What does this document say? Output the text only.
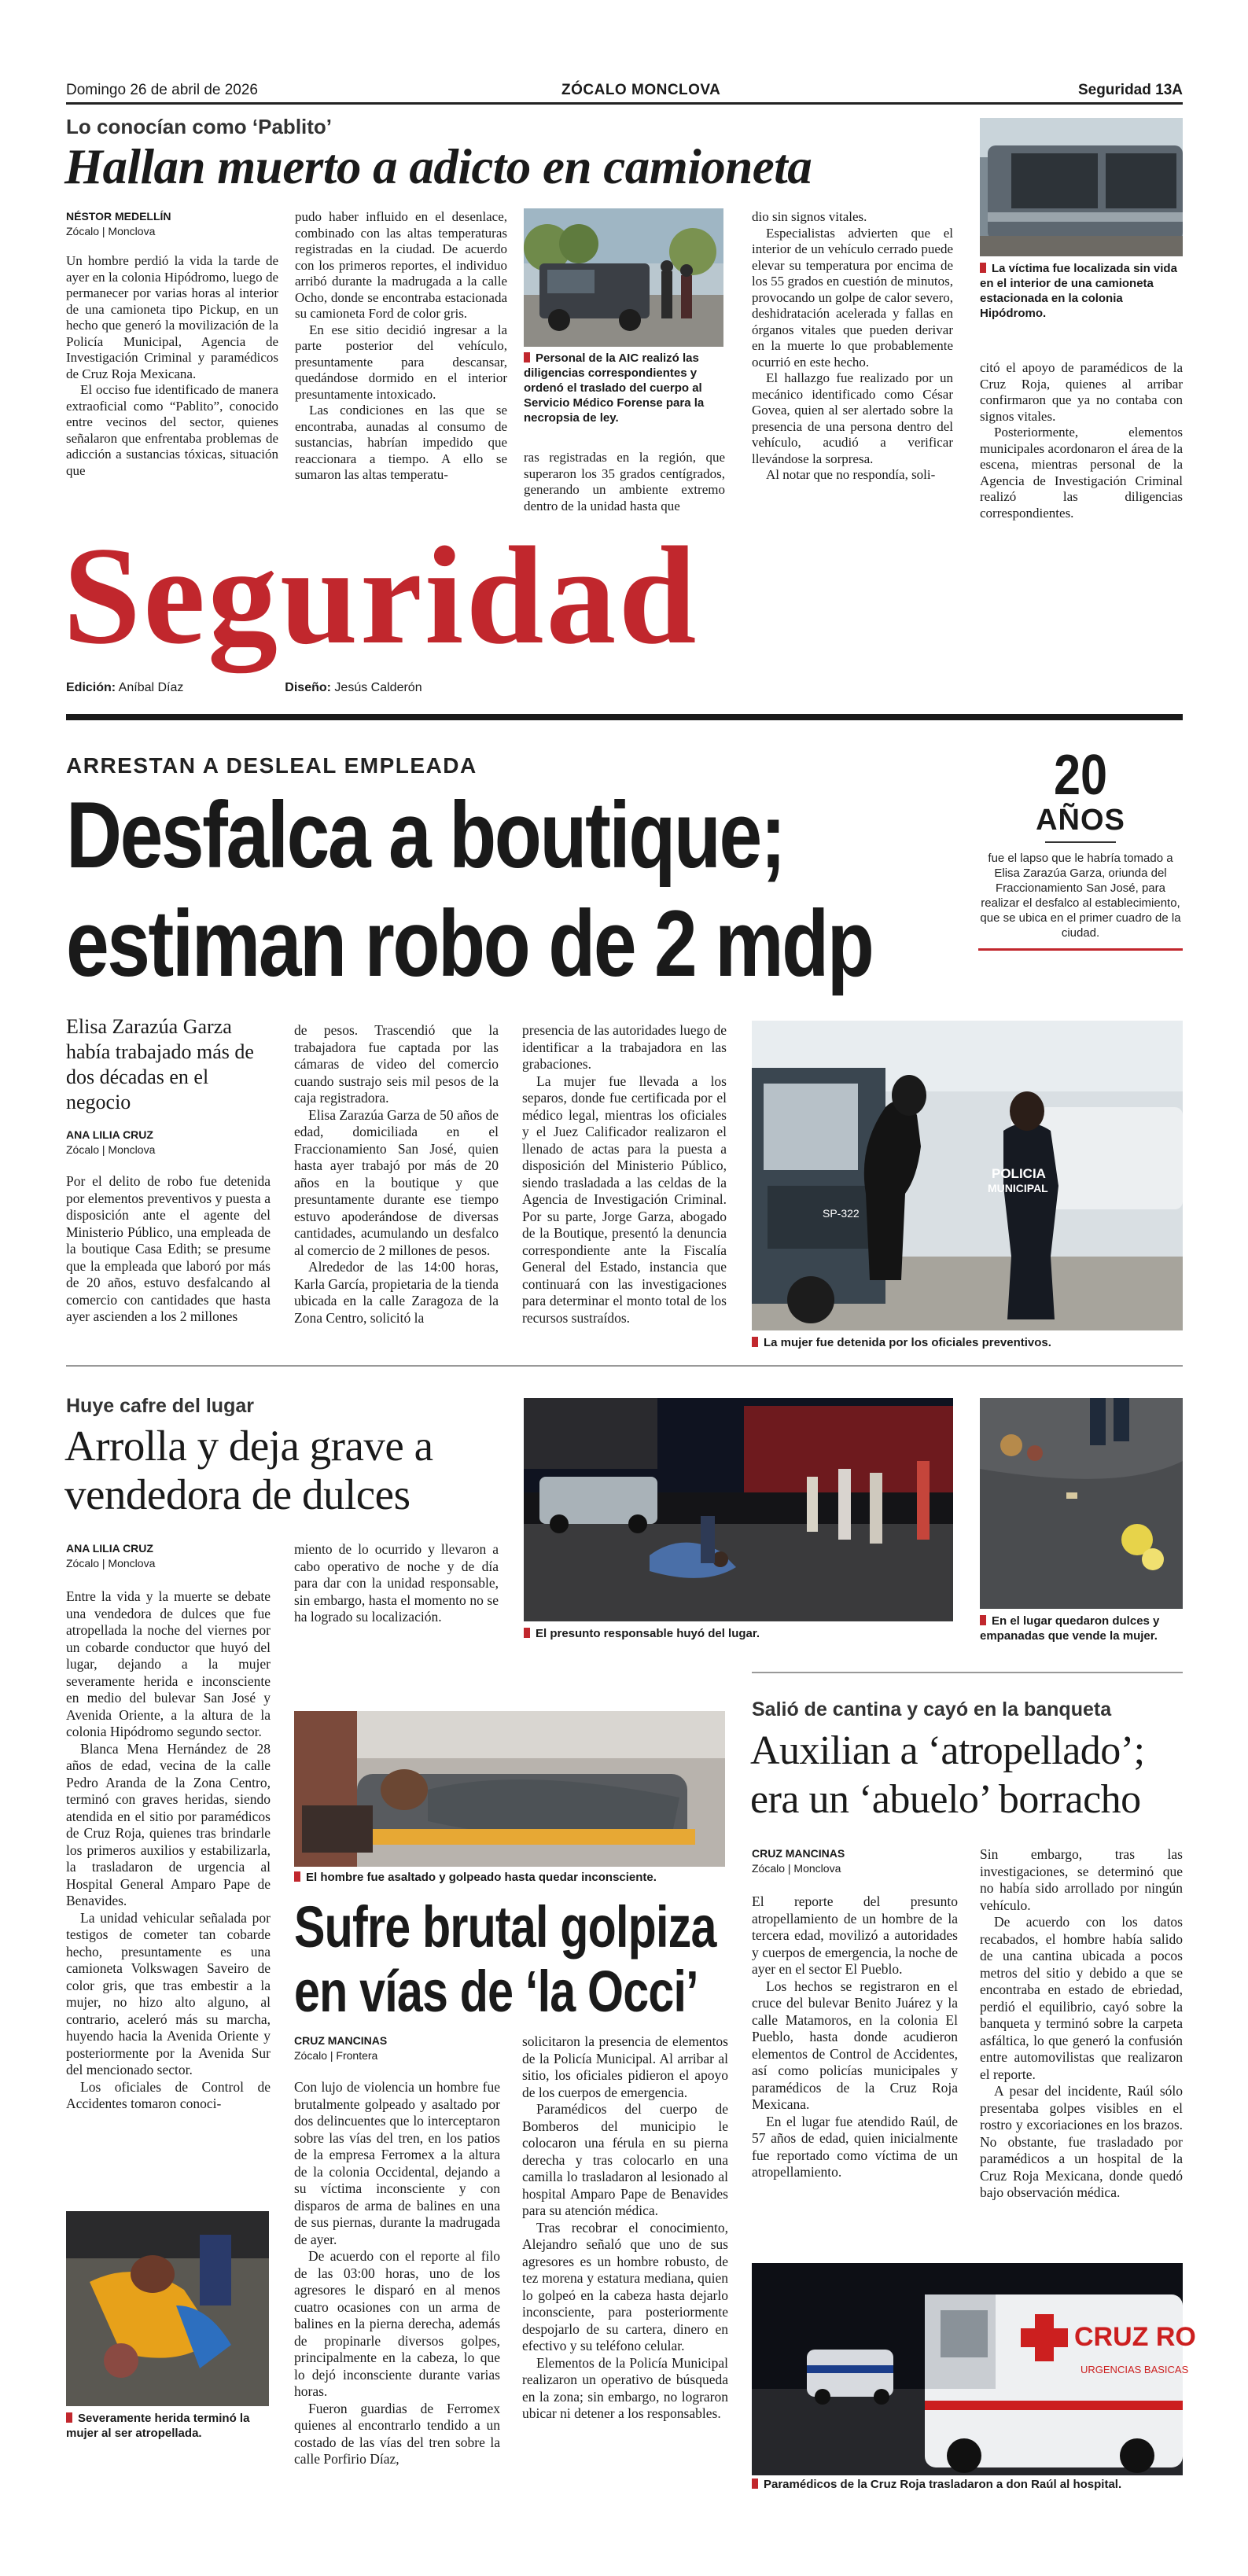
Domingo 26 de abril de 2026	ZÓCALO MONCLOVA	Seguridad 13A
Lo conocían como ‘Pablito’
Hallan muerto a adicto en camioneta
NÉSTOR MEDELLÍN
Zócalo | Monclova

Un hombre perdió la vida la tarde de ayer en la colonia Hipódromo, luego de permanecer por varias horas al interior de una camioneta tipo Pickup, en un hecho que generó la movilización de la Policía Municipal, Agencia de Investigación Criminal y paramédicos de Cruz Roja Mexicana.

El occiso fue identificado de manera extraoficial como “Pablito”, conocido entre vecinos del sector, quienes señalaron que enfrentaba problemas de adicción a sustancias tóxicas, situación que

pudo haber influido en el desenlace, combinado con las altas temperaturas registradas en la ciudad. De acuerdo con los primeros reportes, el individuo arribó durante la madrugada a la calle Ocho, donde se encontraba estacionada su camioneta Ford de color gris.

En ese sitio decidió ingresar a la parte posterior del vehículo, presuntamente para descansar, quedándose dormido en el interior presuntamente intoxicado.

Las condiciones en las que se encontraba, aunadas al consumo de sustancias, habrían impedido que reaccionara a tiempo. A ello se sumaron las altas temperatu-

Personal de la AIC realizó las diligencias correspondientes y ordenó el traslado del cuerpo al Servicio Médico Forense para la necropsia de ley.

ras registradas en la región, que superaron los 35 grados centígrados, generando un ambiente extremo dentro de la unidad hasta que

dio sin signos vitales.

Especialistas advierten que el interior de un vehículo cerrado puede elevar su temperatura por encima de los 55 grados en cuestión de minutos, provocando un golpe de calor severo, deshidratación acelerada y fallas en órganos vitales que pueden derivar en la muerte lo que probablemente ocurrió en este hecho.

El hallazgo fue realizado por un mecánico identificado como César Govea, quien al ser alertado sobre la presencia de una persona dentro del vehículo, acudió a verificar llevándose la sorpresa.

Al notar que no respondía, soli-

La víctima fue localizada sin vida en el interior de una camioneta estacionada en la colonia Hipódromo.

citó el apoyo de paramédicos de la Cruz Roja, quienes al arribar confirmaron que ya no contaba con signos vitales.

Posteriormente, elementos municipales acordonaron el área de la escena, mientras personal de la Agencia de Investigación Criminal realizó las diligencias correspondientes.

Seguridad
Edición: Aníbal Díaz	Diseño: Jesús Calderón
ARRESTAN A DESLEAL EMPLEADA
Desfalca a boutique;
estiman robo de 2 mdp
20
AÑOS
fue el lapso que le habría tomado a Elisa Zarazúa Garza, oriunda del Fraccionamiento San José, para realizar el desfalco al establecimiento, que se ubica en el primer cuadro de la ciudad.
Elisa Zarazúa Garza había trabajado más de dos décadas en el negocio
ANA LILIA CRUZ
Zócalo | Monclova

Por el delito de robo fue detenida por elementos preventivos y puesta a disposición ante el agente del Ministerio Público, una empleada de la boutique Casa Edith; se presume que la empleada que laboró por más de 20 años, estuvo desfalcando al comercio con cantidades que hasta ayer ascienden a los 2 millones

de pesos. Trascendió que la trabajadora fue captada por las cámaras de video del comercio cuando sustrajo seis mil pesos de la caja registradora.

Elisa Zarazúa Garza de 50 años de edad, domiciliada en el Fraccionamiento San José, quien hasta ayer trabajó por más de 20 años en la boutique y que presuntamente durante ese tiempo estuvo apoderándose de diversas cantidades, acumulando un desfalco al comercio de 2 millones de pesos.

Alrededor de las 14:00 horas, Karla García, propietaria de la tienda ubicada en la calle Zaragoza de la Zona Centro, solicitó la

presencia de las autoridades luego de identificar a la trabajadora en las grabaciones.

La mujer fue llevada a los separos, donde fue certificada por el médico legal, mientras los oficiales y el Juez Calificador realizaron el llenado de actas para la puesta a disposición del Ministerio Público, siendo trasladada a las celdas de la Agencia de Investigación Criminal. Por su parte, Jorge Garza, abogado de la Boutique, presentó la denuncia correspondiente ante la Fiscalía General del Estado, instancia que continuará con las investigaciones para determinar el monto total de los recursos sustraídos.

SP-322
POLICIA
MUNICIPAL
La mujer fue detenida por los oficiales preventivos.
Huye cafre del lugar
Arrolla y deja grave a vendedora de dulces
ANA LILIA CRUZ
Zócalo | Monclova

Entre la vida y la muerte se debate una vendedora de dulces que fue atropellada la noche del viernes por un cobarde conductor que huyó del lugar, dejando a la mujer severamente herida e inconsciente en medio del bulevar San José y Avenida Oriente, a la altura de la colonia Hipódromo segundo sector.

Blanca Mena Hernández de 28 años de edad, vecina de la calle Pedro Aranda de la Zona Centro, terminó con graves heridas, siendo atendida en el sitio por paramédicos de Cruz Roja, quienes tras brindarle los primeros auxilios y estabilizarla, la trasladaron de urgencia al Hospital General Amparo Pape de Benavides.

La unidad vehicular señalada por testigos de cometer tan cobarde hecho, presuntamente es una camioneta Volkswagen Saveiro de color gris, que tras embestir a la mujer, no hizo alto alguno, al contrario, aceleró más su marcha, huyendo hacia la Avenida Oriente y posteriormente por la Avenida Sur del mencionado sector.

Los oficiales de Control de Accidentes tomaron conoci-

miento de lo ocurrido y llevaron a cabo operativo de noche y de día para dar con la unidad responsable, sin embargo, hasta el momento no se ha logrado su localización.

El presunto responsable huyó del lugar.
En el lugar quedaron dulces y empanadas que vende la mujer.
El hombre fue asaltado y golpeado hasta quedar inconsciente.
Sufre brutal golpiza
en vías de ‘la Occi’
CRUZ MANCINAS
Zócalo | Frontera

Con lujo de violencia un hombre fue brutalmente golpeado y asaltado por dos delincuentes que lo interceptaron sobre las vías del tren, en los patios de la empresa Ferromex a la altura de la colonia Occidental, dejando a su víctima inconsciente y con disparos de arma de balines en una de sus piernas, durante la madrugada de ayer.

De acuerdo con el reporte al filo de las 03:00 horas, uno de los agresores le disparó en al menos cuatro ocasiones con un arma de balines en la pierna derecha, además de propinarle diversos golpes, principalmente en la cabeza, lo que lo dejó inconsciente durante varias horas.

Fueron guardias de Ferromex quienes al encontrarlo tendido a un costado de las vías del tren sobre la calle Porfirio Díaz,

solicitaron la presencia de elementos de la Policía Municipal. Al arribar al sitio, los oficiales pidieron el apoyo de los cuerpos de emergencia.

Paramédicos del cuerpo de Bomberos del municipio le colocaron una férula en su pierna derecha y tras colocarlo en una camilla lo trasladaron al lesionado al hospital Amparo Pape de Benavides para su atención médica.

Tras recobrar el conocimiento, Alejandro señaló que uno de sus agresores es un hombre robusto, de tez morena y estatura mediana, quien lo golpeó en la cabeza hasta dejarlo inconsciente, para posteriormente despojarlo de su cartera, dinero en efectivo y su teléfono celular.

Elementos de la Policía Municipal realizaron un operativo de búsqueda en la zona; sin embargo, no lograron ubicar ni detener a los responsables.

Severamente herida terminó la mujer al ser atropellada.
Salió de cantina y cayó en la banqueta
Auxilian a ‘atropellado’; era un ‘abuelo’ borracho
CRUZ MANCINAS
Zócalo | Monclova

El reporte del presunto atropellamiento de un hombre de la tercera edad, movilizó a autoridades y cuerpos de emergencia, la noche de ayer en el sector El Pueblo.

Los hechos se registraron en el cruce del bulevar Benito Juárez y la calle Matamoros, en la colonia El Pueblo, hasta donde acudieron elementos de Control de Accidentes, así como policías municipales y paramédicos de la Cruz Roja Mexicana.

En el lugar fue atendido Raúl, de 57 años de edad, quien inicialmente fue reportado como víctima de un atropellamiento.

Sin embargo, tras las investigaciones, se determinó que no había sido arrollado por ningún vehículo.

De acuerdo con los datos recabados, el hombre había salido de una cantina ubicada a pocos metros del sitio y debido a que se encontraba en estado de ebriedad, perdió el equilibrio, cayó sobre la banqueta y terminó sobre la carpeta asfáltica, lo que generó la confusión entre automovilistas que realizaron el reporte.

A pesar del incidente, Raúl sólo presentaba golpes visibles en el rostro y excoriaciones en los brazos. No obstante, fue trasladado por paramédicos a un hospital de la Cruz Roja Mexicana, donde quedó bajo observación médica.

CRUZ RO
URGENCIAS BASICAS
Paramédicos de la Cruz Roja trasladaron a don Raúl al hospital.
